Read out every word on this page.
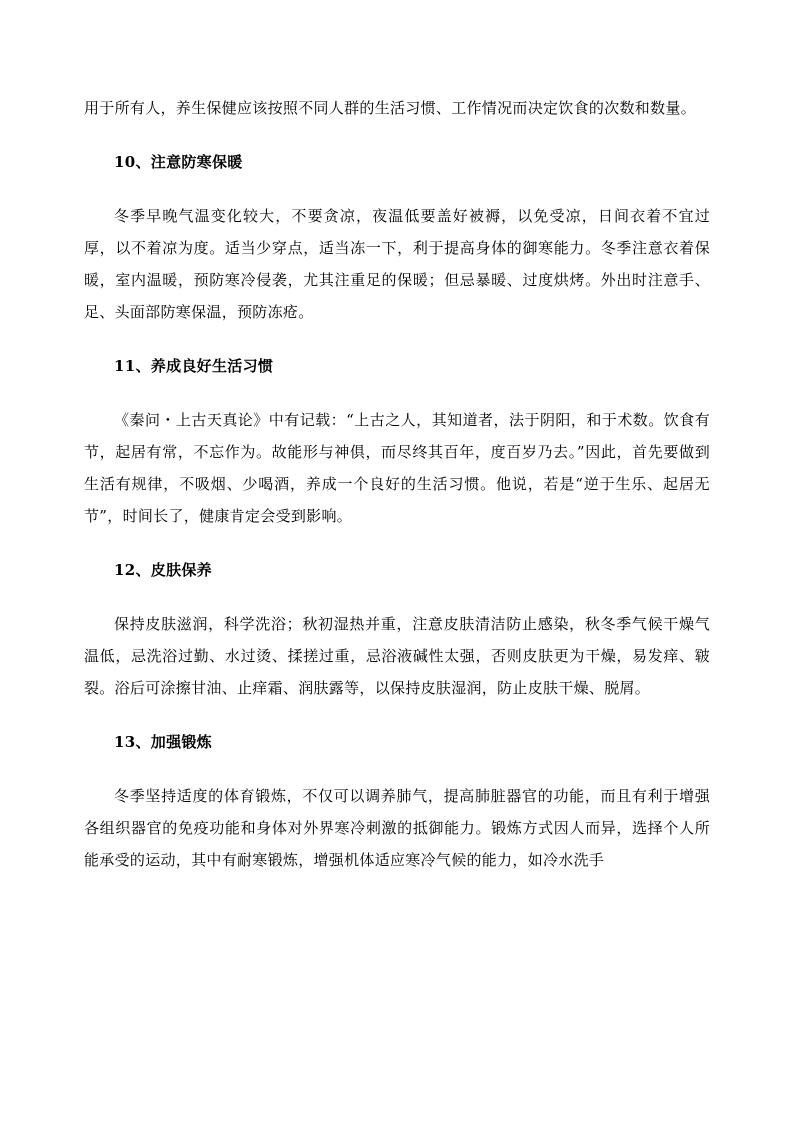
用于所有人，养生保健应该按照不同人群的生活习惯、工作情况而决定饮食的次数和数量。

10、注意防寒保暖

冬季早晚气温变化较大，不要贪凉，夜温低要盖好被褥，以免受凉，日间衣着不宜过厚，以不着凉为度。适当少穿点，适当冻一下，利于提高身体的御寒能力。冬季注意衣着保暖，室内温暖，预防寒冷侵袭，尤其注重足的保暖；但忌暴暖、过度烘烤。外出时注意手、足、头面部防寒保温，预防冻疮。

11、养成良好生活习惯

《秦问・上古天真论》中有记载：“上古之人，其知道者，法于阴阳，和于术数。饮食有节，起居有常，不忘作为。故能形与神俱，而尽终其百年，度百岁乃去。”因此，首先要做到生活有规律，不吸烟、少喝酒，养成一个良好的生活习惯。他说，若是“逆于生乐、起居无节”，时间长了，健康肯定会受到影响。

12、皮肤保养

保持皮肤滋润，科学洗浴；秋初湿热并重，注意皮肤清洁防止感染，秋冬季气候干燥气温低，忌洗浴过勤、水过烫、揉搓过重，忌浴液碱性太强，否则皮肤更为干燥，易发痒、皲裂。浴后可涂擦甘油、止痒霜、润肤露等，以保持皮肤湿润，防止皮肤干燥、脱屑。

13、加强锻炼

冬季坚持适度的体育锻炼，不仅可以调养肺气，提高肺脏器官的功能，而且有利于增强各组织器官的免疫功能和身体对外界寒冷刺激的抵御能力。锻炼方式因人而异，选择个人所能承受的运动，其中有耐寒锻炼，增强机体适应寒冷气候的能力，如冷水洗手
